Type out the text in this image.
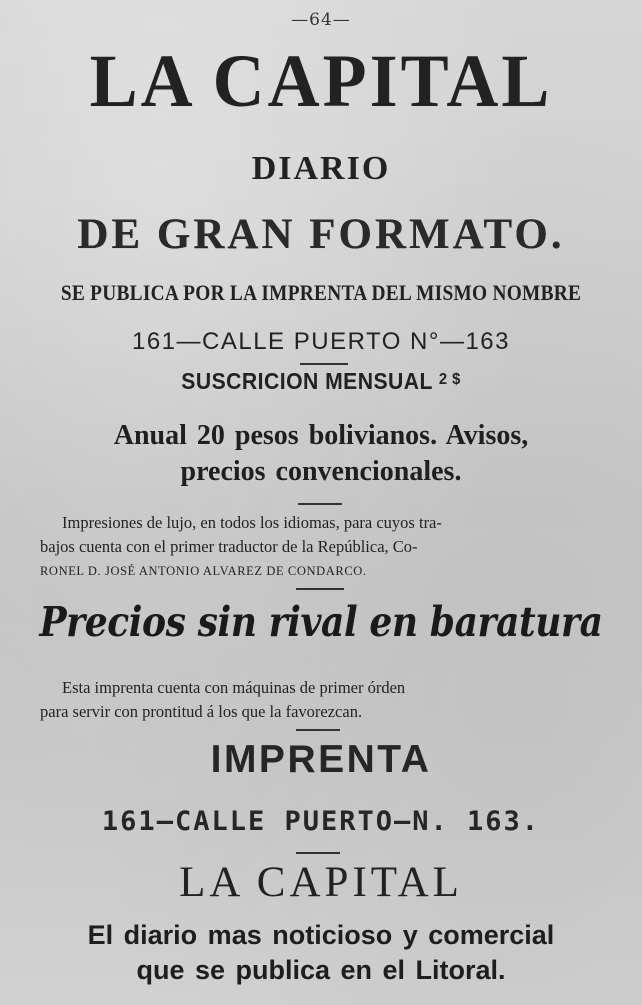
—64—
LA CAPITAL
DIARIO
DE GRAN FORMATO.
SE PUBLICA POR LA IMPRENTA DEL MISMO NOMBRE
161—CALLE PUERTO N°—163
SUSCRICION MENSUAL $^{2 \$}$
Anual 20 pesos bolivianos. Avisos,
precios convencionales.
Impresiones de lujo, en todos los idiomas, para cuyos tra-
bajos cuenta con el primer traductor de la República, Co-
RONEL D. JOSÉ ANTONIO ALVAREZ DE CONDARCO.
Precios sin rival en baratura
Esta imprenta cuenta con máquinas de primer órden
para servir con prontitud á los que la favorezcan.
IMPRENTA
161—CALLE PUERTO—N. 163.
LA CAPITAL
El diario mas noticioso y comercial
que se publica en el Litoral.
